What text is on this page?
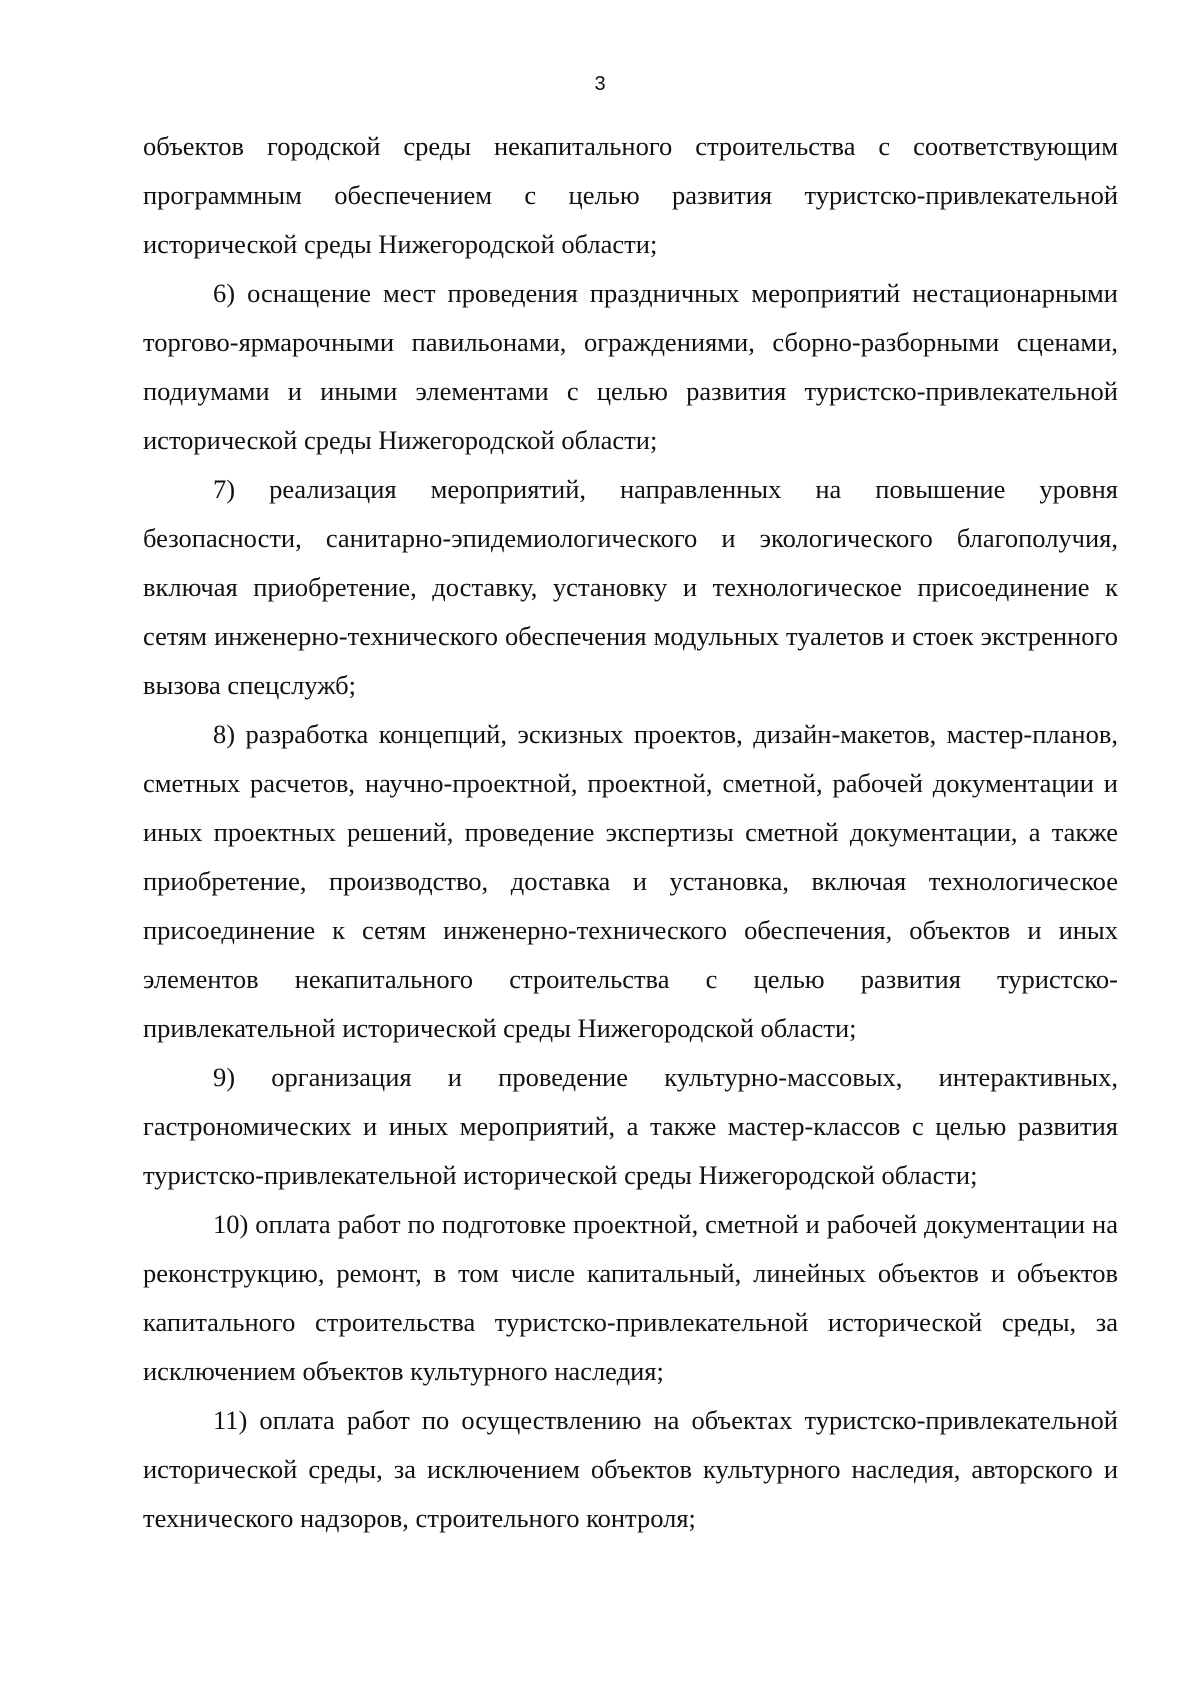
3

объектов городской среды некапитального строительства с соответствующим программным обеспечением с целью развития туристско-привлекательной исторической среды Нижегородской области;

6) оснащение мест проведения праздничных мероприятий нестационарными торгово-ярмарочными павильонами, ограждениями, сборно-разборными сценами, подиумами и иными элементами с целью развития туристско-привлекательной исторической среды Нижегородской области;

7) реализация мероприятий, направленных на повышение уровня безопасности, санитарно-эпидемиологического и экологического благополучия, включая приобретение, доставку, установку и технологическое присоединение к сетям инженерно-технического обеспечения модульных туалетов и стоек экстренного вызова спецслужб;

8) разработка концепций, эскизных проектов, дизайн-макетов, мастер-планов, сметных расчетов, научно-проектной, проектной, сметной, рабочей документации и иных проектных решений, проведение экспертизы сметной документации, а также приобретение, производство, доставка и установка, включая технологическое присоединение к сетям инженерно-технического обеспечения, объектов и иных элементов некапитального строительства с целью развития туристско-привлекательной исторической среды Нижегородской области;

9) организация и проведение культурно-массовых, интерактивных, гастрономических и иных мероприятий, а также мастер-классов с целью развития туристско-привлекательной исторической среды Нижегородской области;

10) оплата работ по подготовке проектной, сметной и рабочей документации на реконструкцию, ремонт, в том числе капитальный, линейных объектов и объектов капитального строительства туристско-привлекательной исторической среды, за исключением объектов культурного наследия;

11) оплата работ по осуществлению на объектах туристско-привлекательной исторической среды, за исключением объектов культурного наследия, авторского и технического надзоров, строительного контроля;
